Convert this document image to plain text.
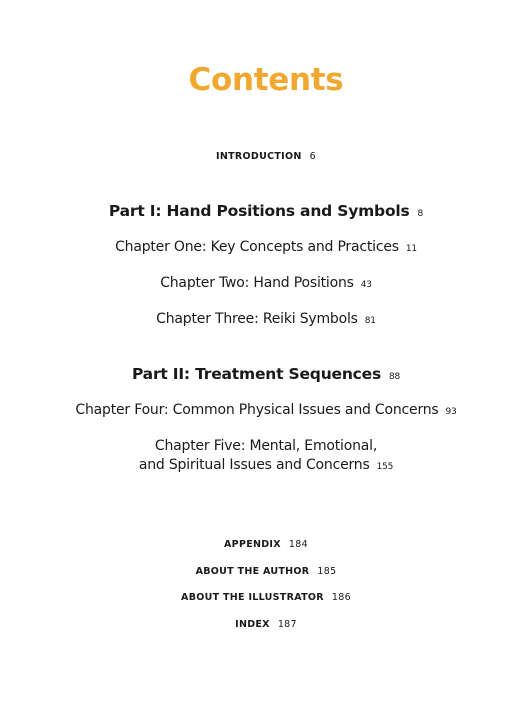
Contents
INTRODUCTION 6
Part I: Hand Positions and Symbols 8
Chapter One: Key Concepts and Practices 11
Chapter Two: Hand Positions 43
Chapter Three: Reiki Symbols 81
Part II: Treatment Sequences 88
Chapter Four: Common Physical Issues and Concerns 93
Chapter Five: Mental, Emotional,
and Spiritual Issues and Concerns 155
APPENDIX 184
ABOUT THE AUTHOR 185
ABOUT THE ILLUSTRATOR 186
INDEX 187
